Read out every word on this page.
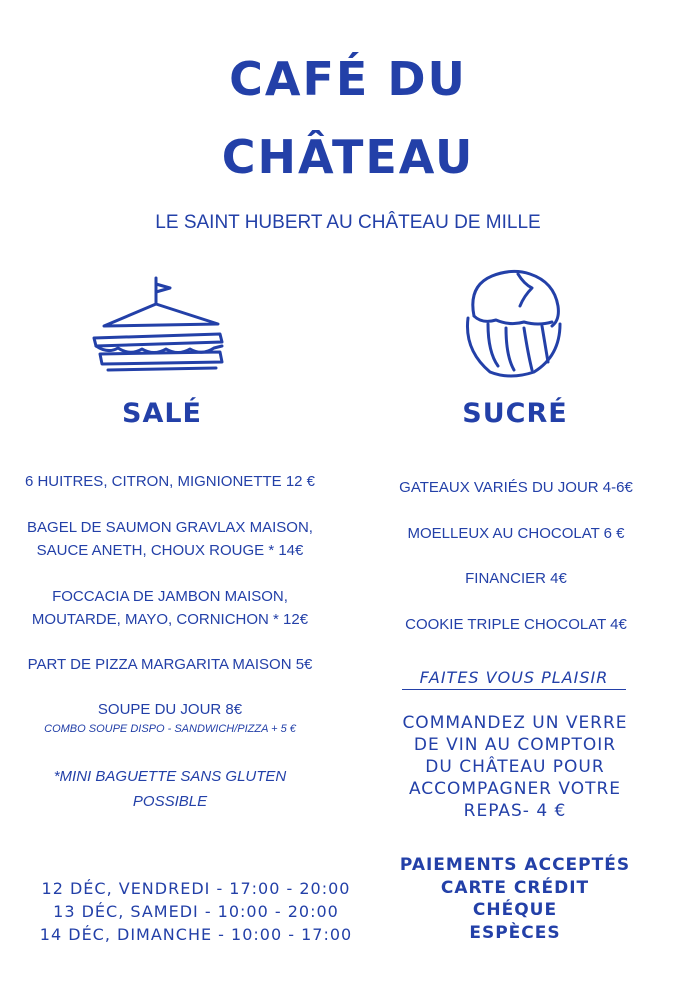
CAFÉ DU
CHÂTEAU
LE SAINT HUBERT AU CHÂTEAU DE MILLE
SALÉ	SUCRÉ
6 HUITRES, CITRON, MIGNIONETTE 12 €
BAGEL DE SAUMON GRAVLAX MAISON,
SAUCE ANETH, CHOUX ROUGE * 14€
FOCCACIA DE JAMBON MAISON,
MOUTARDE, MAYO, CORNICHON * 12€
PART DE PIZZA MARGARITA MAISON 5€
SOUPE DU JOUR 8€
COMBO SOUPE DISPO - SANDWICH/PIZZA + 5 €
*MINI BAGUETTE SANS GLUTEN
POSSIBLE
GATEAUX VARIÉS DU JOUR 4-6€
MOELLEUX AU CHOCOLAT 6 €
FINANCIER 4€
COOKIE TRIPLE CHOCOLAT 4€
FAITES VOUS PLAISIR
COMMANDEZ UN VERRE
DE VIN AU COMPTOIR
DU CHÂTEAU POUR
ACCOMPAGNER VOTRE
REPAS- 4 €
12 DÉC, VENDREDI - 17:00 - 20:00
13 DÉC, SAMEDI - 10:00 - 20:00
14 DÉC, DIMANCHE - 10:00 - 17:00
PAIEMENTS ACCEPTÉS
CARTE CRÉDIT
CHÉQUE
ESPÈCES
